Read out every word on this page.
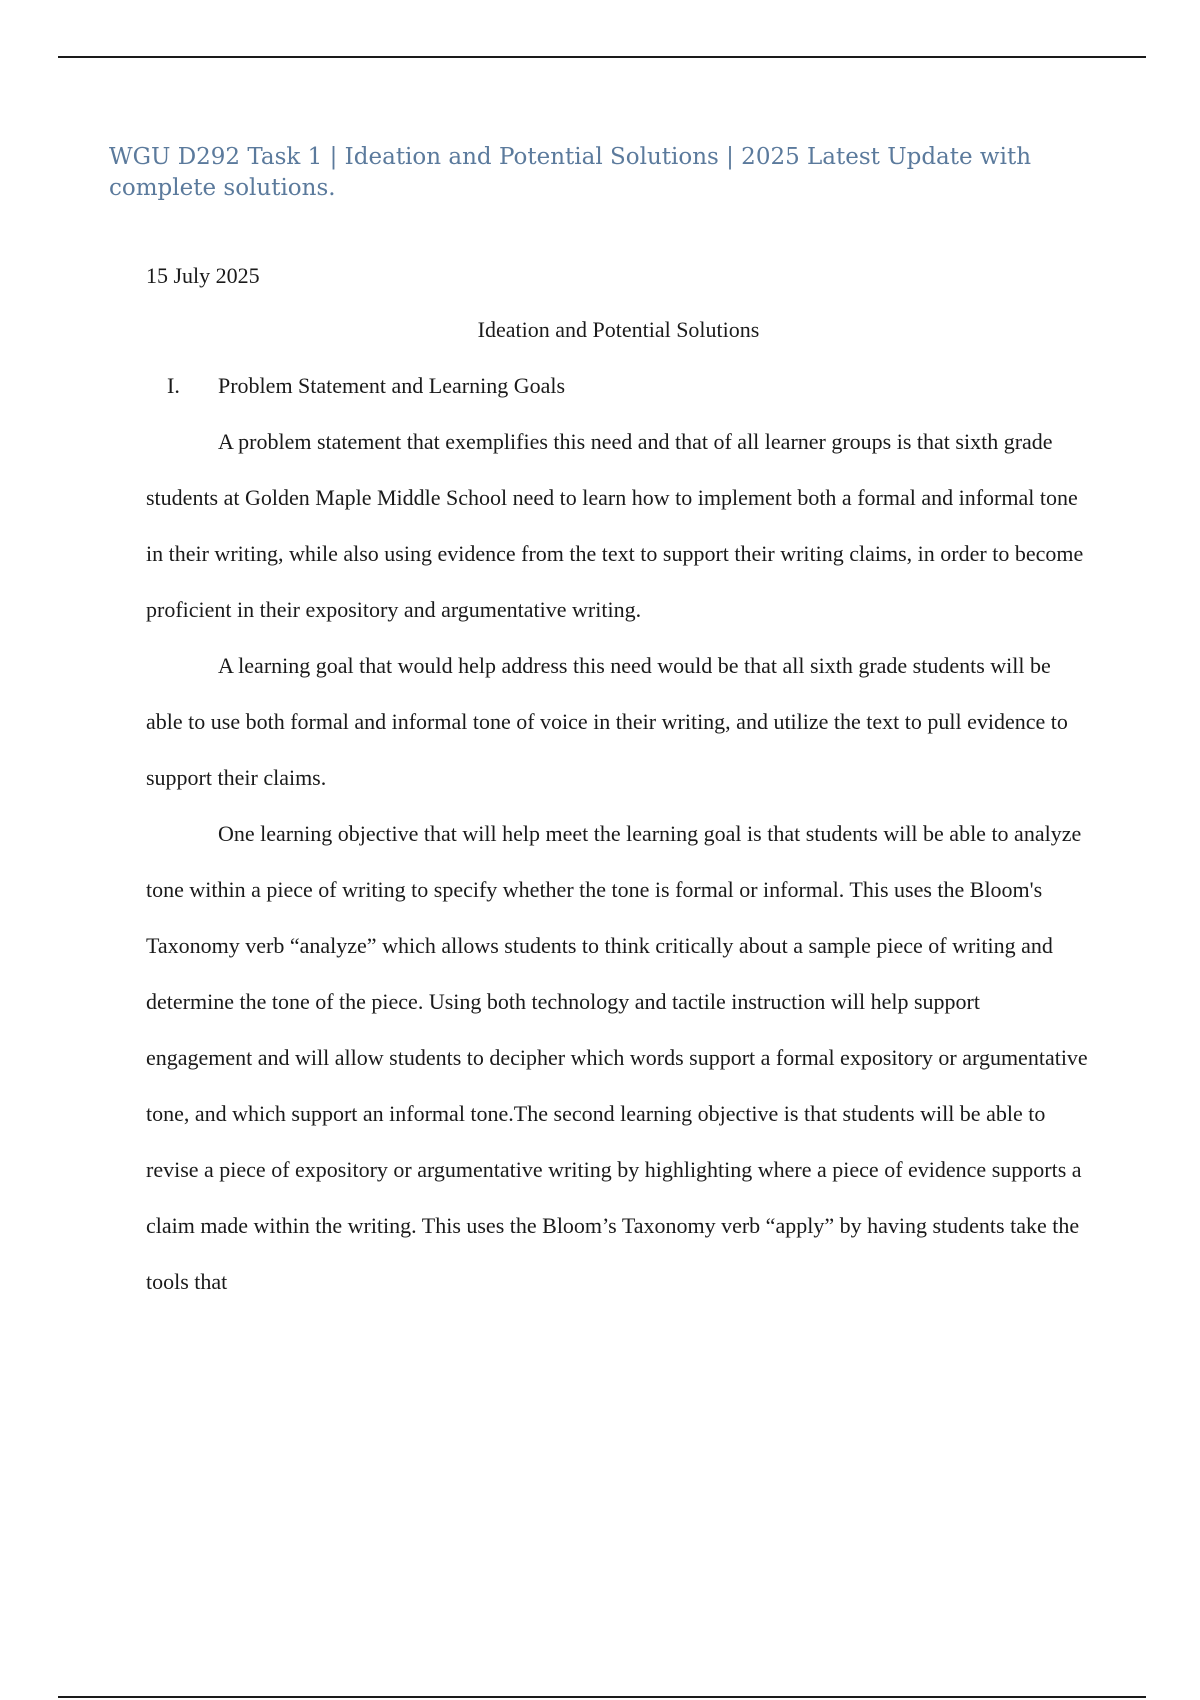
WGU D292 Task 1 | Ideation and Potential Solutions | 2025 Latest Update with complete solutions.
15 July 2025
Ideation and Potential Solutions
I. Problem Statement and Learning Goals

A problem statement that exemplifies this need and that of all learner groups is that sixth grade students at Golden Maple Middle School need to learn how to implement both a formal and informal tone in their writing, while also using evidence from the text to support their writing claims, in order to become proficient in their expository and argumentative writing.

A learning goal that would help address this need would be that all sixth grade students will be able to use both formal and informal tone of voice in their writing, and utilize the text to pull evidence to support their claims.

One learning objective that will help meet the learning goal is that students will be able to analyze tone within a piece of writing to specify whether the tone is formal or informal. This uses the Bloom's Taxonomy verb “analyze” which allows students to think critically about a sample piece of writing and determine the tone of the piece. Using both technology and tactile instruction will help support engagement and will allow students to decipher which words support a formal expository or argumentative tone, and which support an informal tone.The second learning objective is that students will be able to revise a piece of expository or argumentative writing by highlighting where a piece of evidence supports a claim made within the writing. This uses the Bloom’s Taxonomy verb “apply” by having students take the tools that
